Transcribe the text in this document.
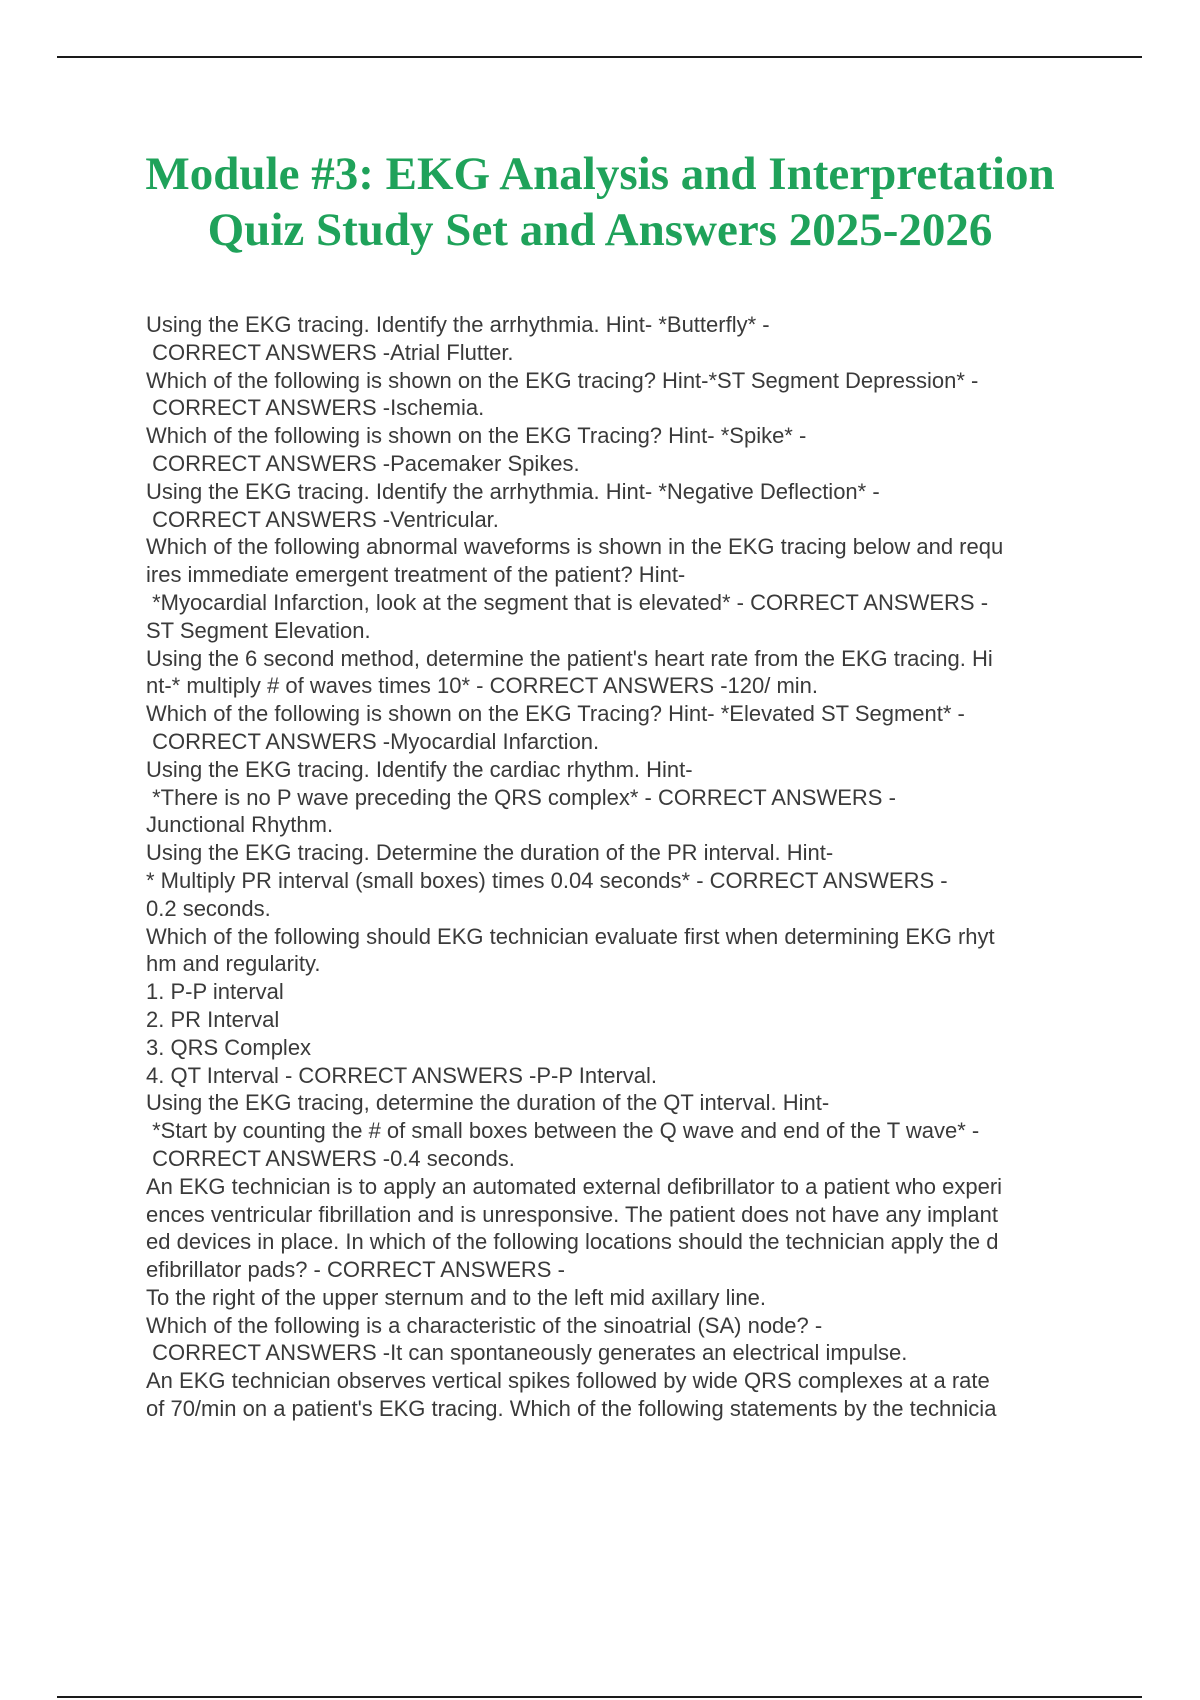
Module #3: EKG Analysis and Interpretation
Quiz Study Set and Answers 2025-2026
Using the EKG tracing. Identify the arrhythmia. Hint- *Butterfly* -
CORRECT ANSWERS -Atrial Flutter.
Which of the following is shown on the EKG tracing? Hint-*ST Segment Depression* -
CORRECT ANSWERS -Ischemia.
Which of the following is shown on the EKG Tracing? Hint- *Spike* -
CORRECT ANSWERS -Pacemaker Spikes.
Using the EKG tracing. Identify the arrhythmia. Hint- *Negative Deflection* -
CORRECT ANSWERS -Ventricular.
Which of the following abnormal waveforms is shown in the EKG tracing below and requ
ires immediate emergent treatment of the patient? Hint-
*Myocardial Infarction, look at the segment that is elevated* - CORRECT ANSWERS -
ST Segment Elevation.
Using the 6 second method, determine the patient's heart rate from the EKG tracing. Hi
nt-* multiply # of waves times 10* - CORRECT ANSWERS -120/ min.
Which of the following is shown on the EKG Tracing? Hint- *Elevated ST Segment* -
CORRECT ANSWERS -Myocardial Infarction.
Using the EKG tracing. Identify the cardiac rhythm. Hint-
*There is no P wave preceding the QRS complex* - CORRECT ANSWERS -
Junctional Rhythm.
Using the EKG tracing. Determine the duration of the PR interval. Hint-
* Multiply PR interval (small boxes) times 0.04 seconds* - CORRECT ANSWERS -
0.2 seconds.
Which of the following should EKG technician evaluate first when determining EKG rhyt
hm and regularity.
1. P-P interval
2. PR Interval
3. QRS Complex
4. QT Interval - CORRECT ANSWERS -P-P Interval.
Using the EKG tracing, determine the duration of the QT interval. Hint-
*Start by counting the # of small boxes between the Q wave and end of the T wave* -
CORRECT ANSWERS -0.4 seconds.
An EKG technician is to apply an automated external defibrillator to a patient who experi
ences ventricular fibrillation and is unresponsive. The patient does not have any implant
ed devices in place. In which of the following locations should the technician apply the d
efibrillator pads? - CORRECT ANSWERS -
To the right of the upper sternum and to the left mid axillary line.
Which of the following is a characteristic of the sinoatrial (SA) node? -
CORRECT ANSWERS -It can spontaneously generates an electrical impulse.
An EKG technician observes vertical spikes followed by wide QRS complexes at a rate
of 70/min on a patient's EKG tracing. Which of the following statements by the technicia
